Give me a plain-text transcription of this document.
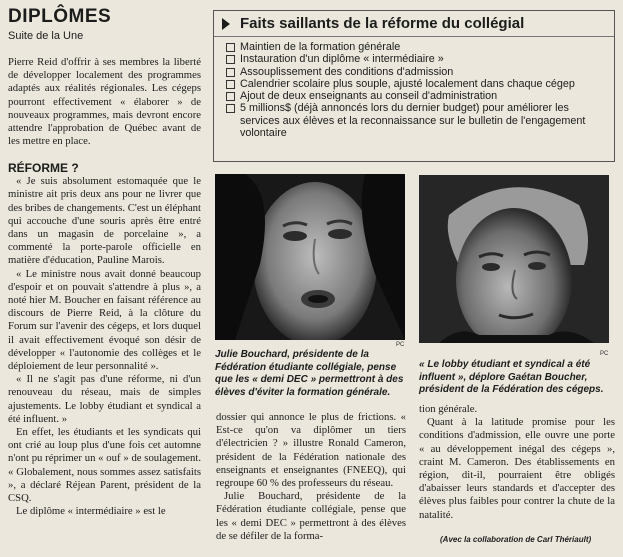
DIPLÔMES
Suite de la Une

Pierre Reid d'offrir à ses membres la liberté de développer localement des programmes adaptés aux réalités régionales. Les cégeps pourront effectivement « élaborer » de nouveaux programmes, mais devront encore attendre l'approbation de Québec avant de les mettre en place.

RÉFORME ?

« Je suis absolument estomaquée que le ministre ait pris deux ans pour ne livrer que des bribes de changements. C'est un éléphant qui accouche d'une souris après être entré dans un magasin de porcelaine », a commenté la porte-parole officielle en matière d'éducation, Pauline Marois.

« Le ministre nous avait donné beaucoup d'espoir et on pouvait s'attendre à plus », a noté hier M. Boucher en faisant référence au discours de Pierre Reid, à la clôture du Forum sur l'avenir des cégeps, et lors duquel il avait effectivement évoqué son désir de développer « l'autonomie des collèges et le déploiement de leur personnalité ».

« Il ne s'agit pas d'une réforme, ni d'un renouveau du réseau, mais de simples ajustements. Le lobby étudiant et syndical a été influent. »

En effet, les étudiants et les syndicats qui ont crié au loup plus d'une fois cet automne n'ont pu réprimer un « ouf » de soulagement. « Globalement, nous sommes assez satisfaits », a déclaré Réjean Parent, président de la CSQ.

Le diplôme « intermédiaire » est le

Faits saillants de la réforme du collégial
Maintien de la formation générale
Instauration d'un diplôme « intermédiaire »
Assouplissement des conditions d'admission
Calendrier scolaire plus souple, ajusté localement dans chaque cégep
Ajout de deux enseignants au conseil d'administration
5 millions$ (déjà annoncés lors du dernier budget) pour améliorer les services aux élèves et la reconnaissance sur le bulletin de l'engagement volontaire
PC
Julie Bouchard, présidente de la Fédération étudiante collégiale, pense que les « demi DEC » permettront à des élèves d'éviter la formation générale.
PC
« Le lobby étudiant et syndical a été influent », déplore Gaétan Boucher, président de la Fédération des cégeps.

dossier qui annonce le plus de frictions. « Est-ce qu'on va diplômer un tiers d'électricien ? » illustre Ronald Cameron, président de la Fédération nationale des enseignants et enseignantes (FNEEQ), qui regroupe 60 % des professeurs du réseau.

Julie Bouchard, présidente de la Fédération étudiante collégiale, pense que les « demi DEC » permettront à des élèves de se défiler de la forma-

tion générale.

Quant à la latitude promise pour les conditions d'admission, elle ouvre une porte « au développement inégal des cégeps », craint M. Cameron. Des établissements en région, dit-il, pourraient être obligés d'abaisser leurs standards et d'accepter des élèves plus faibles pour contrer la chute de la natalité.

(Avec la collaboration de Carl Thériault)
